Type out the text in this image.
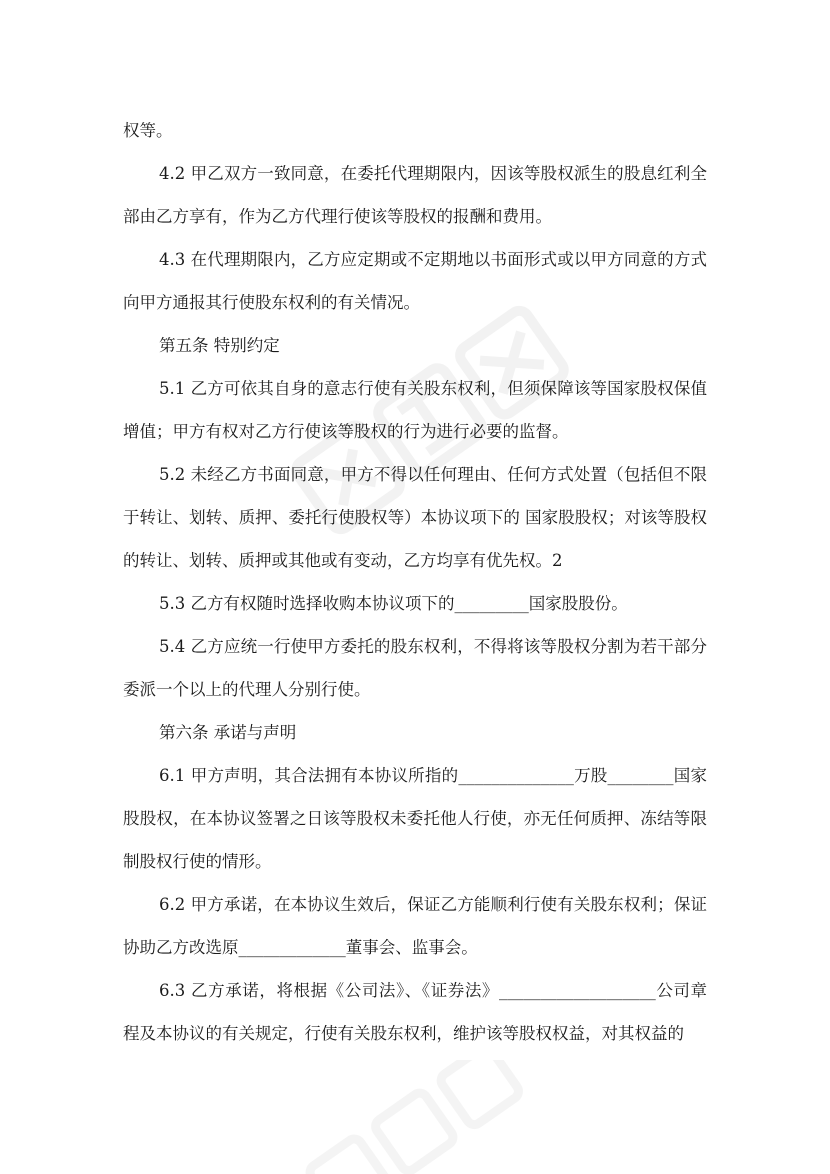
权等。

4.2 甲乙双方一致同意，在委托代理期限内，因该等股权派生的股息红利全部由乙方享有，作为乙方代理行使该等股权的报酬和费用。

4.3 在代理期限内，乙方应定期或不定期地以书面形式或以甲方同意的方式向甲方通报其行使股东权利的有关情况。

第五条 特别约定

5.1 乙方可依其自身的意志行使有关股东权利，但须保障该等国家股权保值增值；甲方有权对乙方行使该等股权的行为进行必要的监督。

5.2 未经乙方书面同意，甲方不得以任何理由、任何方式处置（包括但不限于转让、划转、质押、委托行使股权等）本协议项下的 国家股股权；对该等股权的转让、划转、质押或其他或有变动，乙方均享有优先权。2

5.3 乙方有权随时选择收购本协议项下的_________国家股股份。

5.4 乙方应统一行使甲方委托的股东权利，不得将该等股权分割为若干部分委派一个以上的代理人分别行使。

第六条 承诺与声明

6.1 甲方声明，其合法拥有本协议所指的______________万股________国家股股权，在本协议签署之日该等股权未委托他人行使，亦无任何质押、冻结等限制股权行使的情形。

6.2 甲方承诺，在本协议生效后，保证乙方能顺利行使有关股东权利；保证协助乙方改选原_____________董事会、监事会。

6.3 乙方承诺，将根据《公司法》、《证券法》___________________公司章程及本协议的有关规定，行使有关股东权利，维护该等股权权益，对其权益的
